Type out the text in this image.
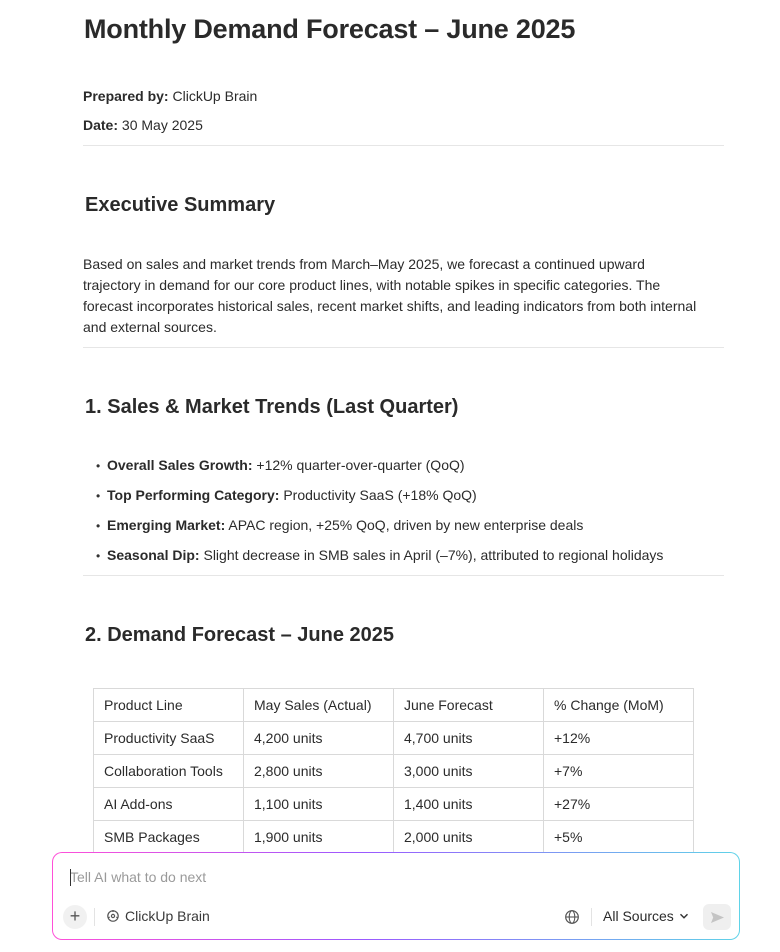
Monthly Demand Forecast – June 2025
Prepared by: ClickUp Brain
Date: 30 May 2025
Executive Summary
Based on sales and market trends from March–May 2025, we forecast a continued upward trajectory in demand for our core product lines, with notable spikes in specific categories. The forecast incorporates historical sales, recent market shifts, and leading indicators from both internal and external sources.
1. Sales & Market Trends (Last Quarter)
• Overall Sales Growth: +12% quarter-over-quarter (QoQ)
• Top Performing Category: Productivity SaaS (+18% QoQ)
• Emerging Market: APAC region, +25% QoQ, driven by new enterprise deals
• Seasonal Dip: Slight decrease in SMB sales in April (–7%), attributed to regional holidays
2. Demand Forecast – June 2025
Product Line	May Sales (Actual)	June Forecast	% Change (MoM)
Productivity SaaS	4,200 units	4,700 units	+12%
Collaboration Tools	2,800 units	3,000 units	+7%
AI Add-ons	1,100 units	1,400 units	+27%
SMB Packages	1,900 units	2,000 units	+5%
Tell AI what to do next
+	ClickUp Brain	All Sources
